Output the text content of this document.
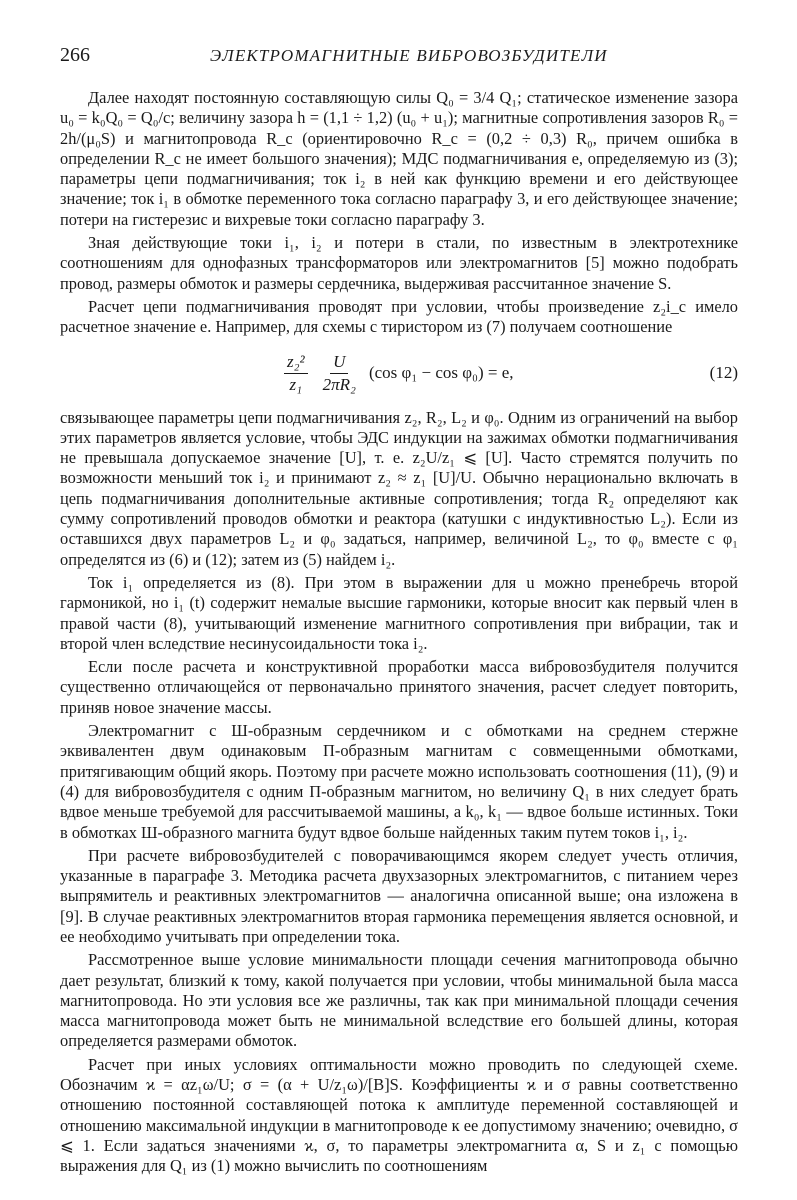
266	ЭЛЕКТРОМАГНИТНЫЕ ВИБРОВОЗБУДИТЕЛИ

Далее находят постоянную составляющую силы Q₀ = 3/4 Q₁; статическое изменение зазора u₀ = k₀Q₀ = Q₀/c; величину зазора h = (1,1 ÷ 1,2) (u₀ + u₁); магнитные сопротивления зазоров R₀ = 2h/(μ₀S) и магнитопровода R_c (ориентировочно R_c = (0,2 ÷ 0,3) R₀, причем ошибка в определении R_c не имеет большого значения); МДС подмагничивания e, определяемую из (3); параметры цепи подмагничивания; ток i₂ в ней как функцию времени и его действующее значение; ток i₁ в обмотке переменного тока согласно параграфу 3, и его действующее значение; потери на гистерезис и вихревые токи согласно параграфу 3.

Зная действующие токи i₁, i₂ и потери в стали, по известным в электротехнике соотношениям для однофазных трансформаторов или электромагнитов [5] можно подобрать провод, размеры обмоток и размеры сердечника, выдерживая рассчитанное значение S.

Расчет цепи подмагничивания проводят при условии, чтобы произведение z₂i_c имело расчетное значение e. Например, для схемы с тиристором из (7) получаем соотношение

$\frac{\text{z₂²}}{\text{z₁}} \frac{U}{\text{2πR₂}} (\cos$ φ₁ − cos φ₀) = e,	(12)

связывающее параметры цепи подмагничивания z₂, R₂, L₂ и φ₀. Одним из ограничений на выбор этих параметров является условие, чтобы ЭДС индукции на зажимах обмотки подмагничивания не превышала допускаемое значение [U], т. е. z₂U/z₁ ⩽ [U]. Часто стремятся получить по возможности меньший ток i₂ и принимают z₂ ≈ z₁ [U]/U. Обычно нерационально включать в цепь подмагничивания дополнительные активные сопротивления; тогда R₂ определяют как сумму сопротивлений проводов обмотки и реактора (катушки с индуктивностью L₂). Если из оставшихся двух параметров L₂ и φ₀ задаться, например, величиной L₂, то φ₀ вместе с φ₁ определятся из (6) и (12); затем из (5) найдем i₂.

Ток i₁ определяется из (8). При этом в выражении для u можно пренебречь второй гармоникой, но i₁ (t) содержит немалые высшие гармоники, которые вносит как первый член в правой части (8), учитывающий изменение магнитного сопротивления при вибрации, так и второй член вследствие несинусоидальности тока i₂.

Если после расчета и конструктивной проработки масса вибровозбудителя получится существенно отличающейся от первоначально принятого значения, расчет следует повторить, приняв новое значение массы.

Электромагнит с Ш-образным сердечником и с обмотками на среднем стержне эквивалентен двум одинаковым П-образным магнитам с совмещенными обмотками, притягивающим общий якорь. Поэтому при расчете можно использовать соотношения (11), (9) и (4) для вибровозбудителя с одним П-образным магнитом, но величину Q₁ в них следует брать вдвое меньше требуемой для рассчитываемой машины, а k₀, k₁ — вдвое больше истинных. Токи в обмотках Ш-образного магнита будут вдвое больше найденных таким путем токов i₁, i₂.

При расчете вибровозбудителей с поворачивающимся якорем следует учесть отличия, указанные в параграфе 3. Методика расчета двухзазорных электромагнитов, с питанием через выпрямитель и реактивных электромагнитов — аналогична описанной выше; она изложена в [9]. В случае реактивных электромагнитов вторая гармоника перемещения является основной, и ее необходимо учитывать при определении тока.

Рассмотренное выше условие минимальности площади сечения магнитопровода обычно дает результат, близкий к тому, какой получается при условии, чтобы минимальной была масса магнитопровода. Но эти условия все же различны, так как при минимальной площади сечения масса магнитопровода может быть не минимальной вследствие его большей длины, которая определяется размерами обмоток.

Расчет при иных условиях оптимальности можно проводить по следующей схеме. Обозначим ϰ = αz₁ω/U; σ = (α + U/z₁ω)/[B]S. Коэффициенты ϰ и σ равны соответственно отношению постоянной составляющей потока к амплитуде переменной составляющей и отношению максимальной индукции в магнитопроводе к ее допустимому значению; очевидно, σ ⩽ 1. Если задаться значениями ϰ, σ, то параметры электромагнита α, S и z₁ с помощью выражения для Q₁ из (1) можно вычислить по соотношениям
